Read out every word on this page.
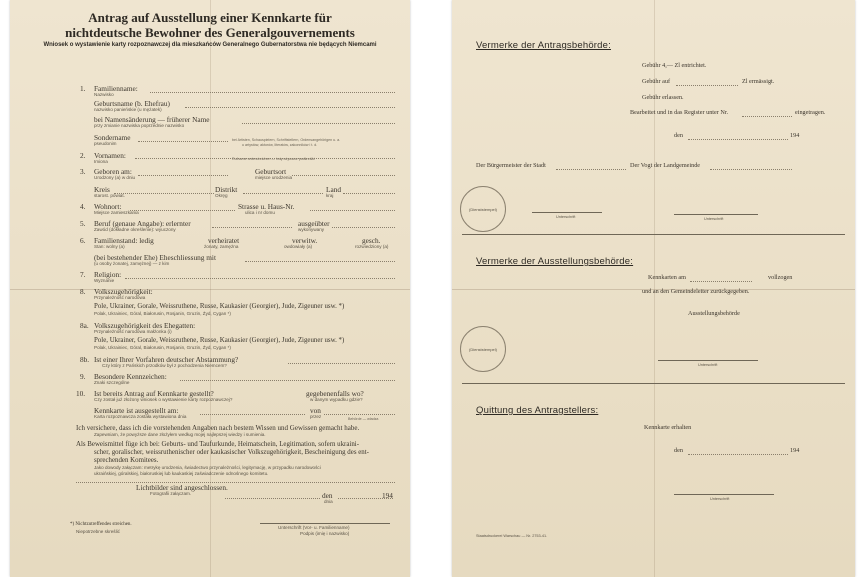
Antrag auf Ausstellung einer Kennkarte für
nichtdeutsche Bewohner des Generalgouvernements
Wniosek o wystawienie karty rozpoznawczej dla mieszkańców Generalnego Gubernatorstwa nie będących Niemcami
1. Familienname:
Nazwisko
Geburtsname (b. Ehefrau)
nazwisko panieńskie (u mężatek)
bei Namensänderung — früherer Name
przy zmianie nazwiska poprzednie nazwisko
Sondername
pseudonim
bei Artisten, Schauspielern, Schriftstellern, Ordensangehörigen u. a.
u artystów, aktorów, literatów, zakonników i t. d.
2. Vornamen:
Imiona	Rufname unterstreichen — imię używane podkreślić
3. Geboren am:
Urodzony (a) w dniu
Geburtsort
miejsce urodzenia
Kreis
starost. powiat.
Distrikt
Okręg
Land
kraj
4. Wohnort:
Miejsce zamieszkania
Strasse u. Haus-Nr.
ulica i nr domu
5. Beruf (genaue Angabe): erlernter
Zawód (dokładne określenie): wyuczony
ausgeübter
wykonywany
6. Familienstand: ledig
Stan: wolny (a)
verheiratet
żonaty, zamężna
verwitw.
owdowiały (a)
gesch.
rozwiedziony (a)
(bei bestehender Ehe) Eheschliessung mit
(u osoby żonatej, zamężnej) — z kim
7. Religion:
Wyznanie
8. Volkszugehörigkeit:
Przynależność narodowa
Pole, Ukrainer, Gorale, Weissruthene, Russe, Kaukasier (Georgier), Jude, Zigeuner usw. *)
Polak, Ukrainiec, Góral, Białorusin, Rosjanin, Gruzin, Żyd, Cygan *)
8a. Volkszugehörigkeit des Ehegatten:
Przynależność narodowa małżonka (i)
Pole, Ukrainer, Gorale, Weissruthene, Russe, Kaukasier (Georgier), Jude, Zigeuner usw. *)
Polak, Ukrainiec, Góral, Białorusin, Rosjanin, Gruzin, Żyd, Cygan *)
8b. Ist einer Ihrer Vorfahren deutscher Abstammung?
Czy który z Pańskich przodków był z pochodzenia Niemcem?
9. Besondere Kennzeichen:
Znaki szczególne
10. Ist bereits Antrag auf Kennkarte gestellt?
Czy został już złożony wniosek o wystawienie karty rozpoznawczej?
gegebenenfalls wo?
w danym wypadku gdzie?
Kennkarte ist ausgestellt am:
Karta rozpoznawcza została wystawiona dnia
von
przez	Behörde — władza
Ich versichere, dass ich die vorstehenden Angaben nach bestem Wissen und Gewissen gemacht habe.
Zapewniam, że powyższe dane złożyłem według mojej najlepszej wiedzy i sumienia.
Als Beweismittel füge ich bei: Geburts- und Taufurkunde, Heimatschein, Legitimation, sofern ukraini-
scher, goralischer, weissruthenischer oder kaukasischer Volkszugehörigkeit, Bescheinigung des ent-
sprechenden Komitees.
Jako dowody załączam: metrykę urodzenia, świadectwo przynależności, legitymację, w przypadku narodowości
ukraińskiej, góralskiej, białoruskiej lub kaukaskiej zaświadczenie odnośnego komitetu.
Lichtbilder sind angeschlossen.
Fotografii załączam.	den
dnia
194
*) Nichtzutreffendes streichen.
Niepotrzebne skreślić
Unterschrift (Vor- u. Familienname)
Podpis (imię i nazwisko)
Vermerke der Antragsbehörde:
Gebühr 4,— Zl entrichtet.
Gebühr auf	Zl ermässigt.
Gebühr erlassen.
Bearbeitet und in das Register unter Nr.	eingetragen.
den	194
Der Bürgermeister der Stadt	Der Vogt der Landgemeinde
(Dienststempel)
Unterschrift	Unterschrift
Vermerke der Ausstellungsbehörde:
Kennkarten am	vollzogen
und an den Gemeindeleiter zurückgegeben.
Ausstellungsbehörde
(Dienststempel)
Unterschrift
Quittung des Antragstellers:
Kennkarte erhalten
den	194
Unterschrift
Staatsdruckerei Warschau — Nr. 2753-41.
